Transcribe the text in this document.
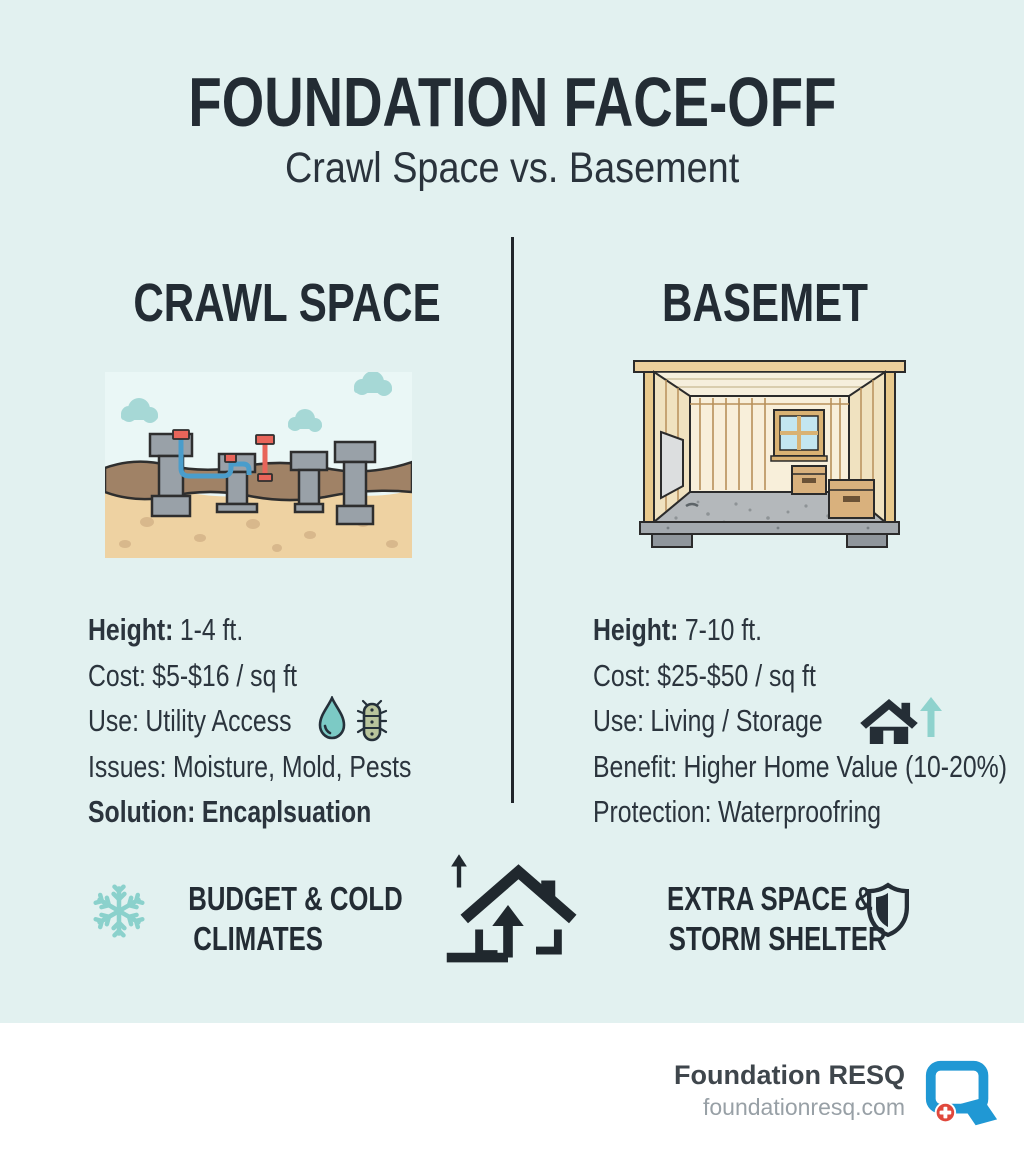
FOUNDATION FACE-OFF
Crawl Space vs. Basement
CRAWL SPACE	BASEMET
Height: 1-4 ft.
Cost: $5-$16 / sq ft
Use: Utility Access
Issues: Moisture, Mold, Pests
Solution: Encaplsuation
Height: 7-10 ft.
Cost: $25-$50 / sq ft
Use: Living / Storage
Benefit: Higher Home Value (10-20%)
Protection: Waterproofring
BUDGET & COLD
CLIMATES
EXTRA SPACE &
STORM SHELTER
Foundation RESQ
foundationresq.com
